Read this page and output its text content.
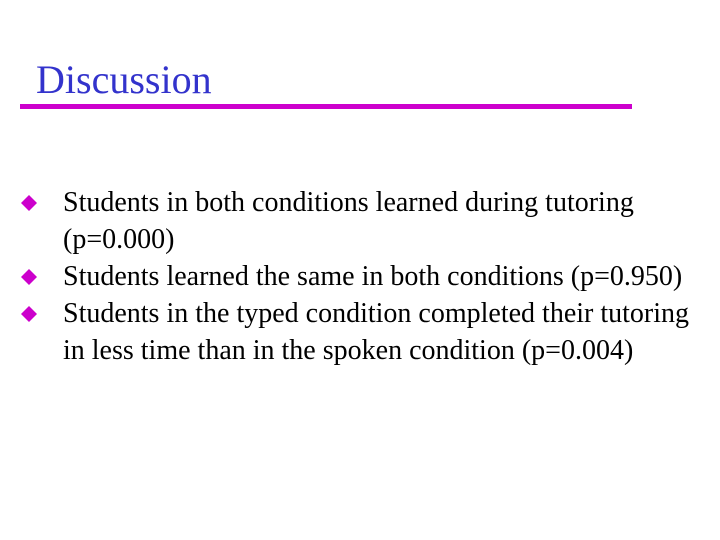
Discussion
Students in both conditions learned during tutoring (p=0.000)
Students learned the same in both conditions (p=0.950)
Students in the typed condition completed their tutoring in less time than in the spoken condition (p=0.004)
